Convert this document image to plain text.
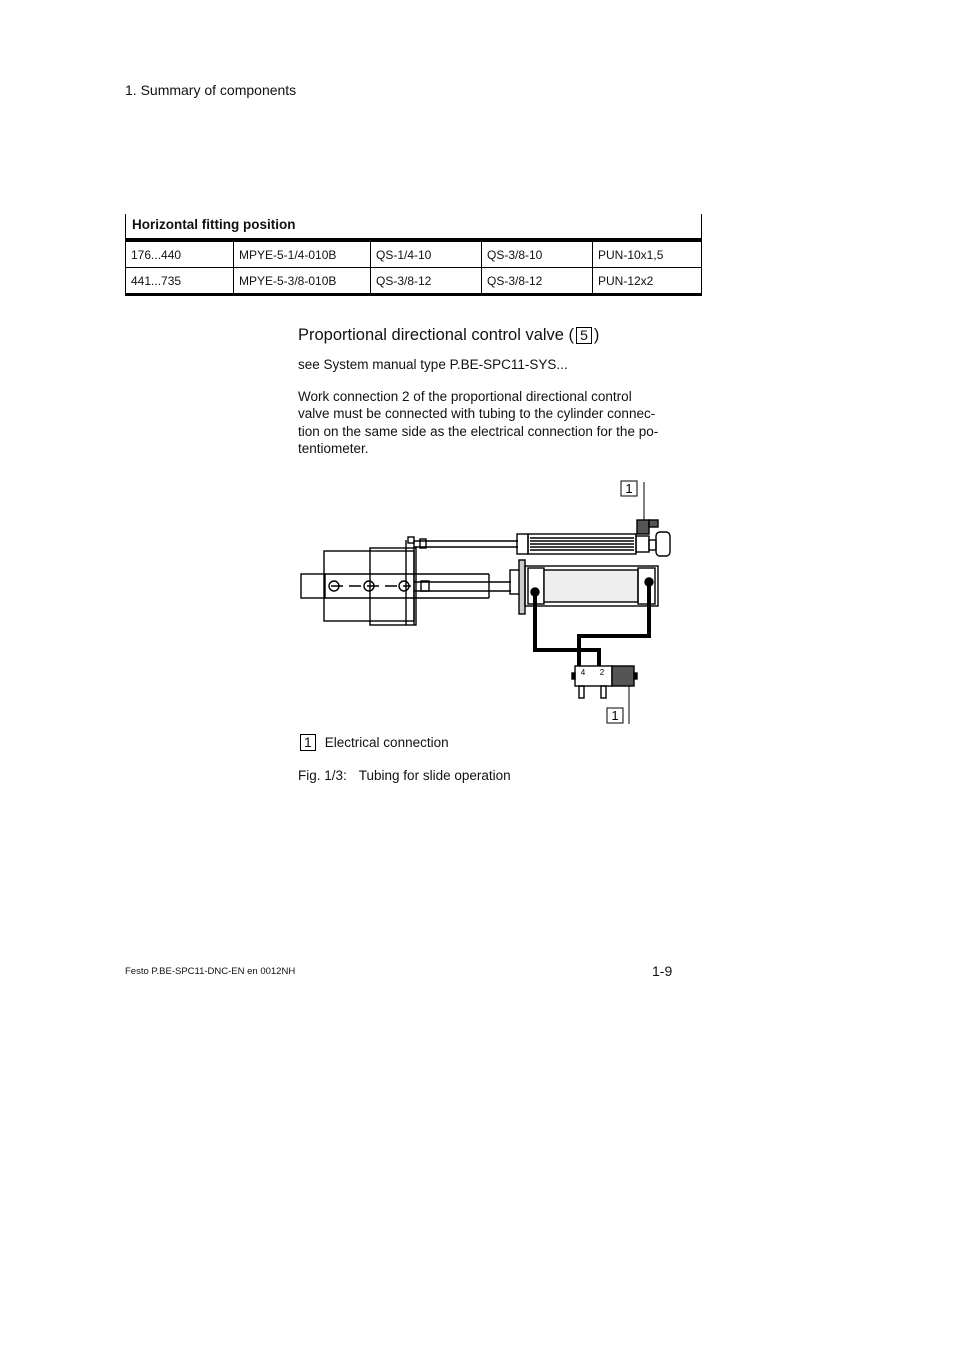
1. Summary of components
Horizontal fitting position
176...440	MPYE-5-1/4-010B	QS-1/4-10	QS-3/8-10	PUN-10x1,5
441...735	MPYE-5-3/8-010B	QS-3/8-12	QS-3/8-12	PUN-12x2
Proportional directional control valve ( 5 )
see System manual type P.BE-SPC11-SYS...
Work connection 2 of the proportional directional control
valve must be connected with tubing to the cylinder connec-
tion on the same side as the electrical connection for the po-
tentiometer.
1
1
4 2
1 Electrical connection
Fig. 1/3: Tubing for slide operation
Festo P.BE-SPC11-DNC-EN en 0012NH	1-9
